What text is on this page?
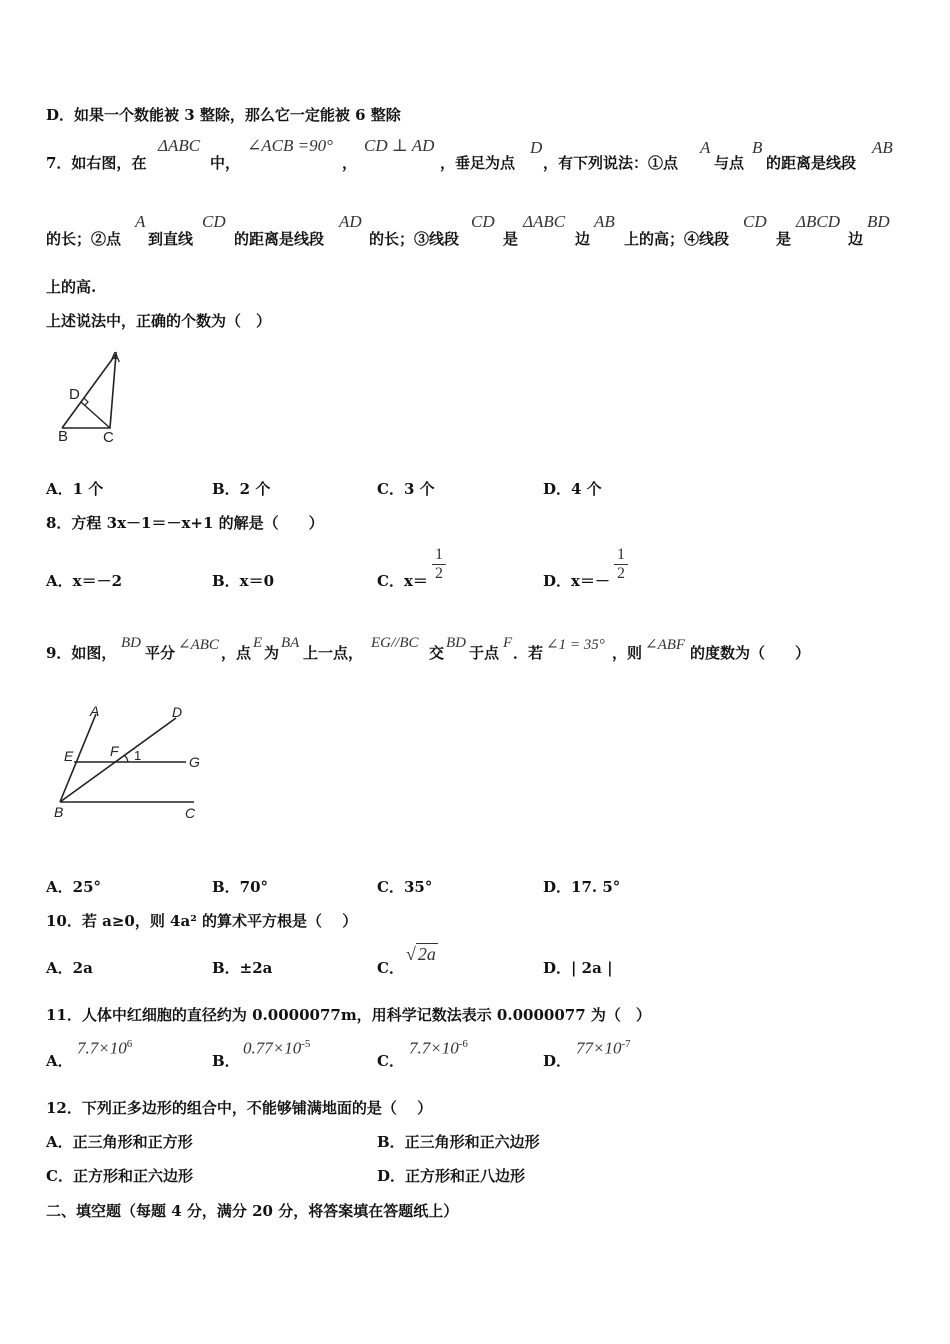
D．如果一个数能被 3 整除，那么它一定能被 6 整除
7．如右图，在
ΔABC
中，
∠ACB =90°
，
CD ⊥ AD
，垂足为点
D
，有下列说法：①点
A
与点
B
的距离是线段
AB
的长；②点
A
到直线
CD
的距离是线段
AD
的长；③线段
CD
是
ΔABC
边
AB
上的高；④线段
CD
是
ΔBCD
边
BD
上的高.
上述说法中，正确的个数为（　）
A
D
B C
A．1 个	B．2 个	C．3 个	D．4 个
8．方程 3x－1＝－x+1 的解是（　　）
A．x＝－2	B．x＝0	C．$x= \frac{1}{2}$	D．$x=- \frac{1}{2}$
9．如图，
BD
平分 ∠ABC ，点
E
为
BA
上一点，
EG//BC
交
BD
于点
F
．若 ∠1 = 35° ，则 ∠ABF 的度数为（　　）
A	D
E	F 1	G
B	C
A．25°	B．70°	C．35°	D．17. 5°
10．若 a≥0，则 4a² 的算术平方根是（　 ）
A．2a	B．±2a	C．
√ 2a
D．| 2a |
11．人体中红细胞的直径约为 0.0000077m，用科学记数法表示 0.0000077 为（　）
A．
$7.7\times 10^6$
B．
$0.77\times 10^{-5}$
C．
$7.7\times 10^{-6}$
D．
$77\times 10^{-7}$
12．下列正多边形的组合中，不能够铺满地面的是（　 ）
A．正三角形和正方形	B．正三角形和正六边形
C．正方形和正六边形	D．正方形和正八边形
二、填空题（每题 4 分，满分 20 分，将答案填在答题纸上）
